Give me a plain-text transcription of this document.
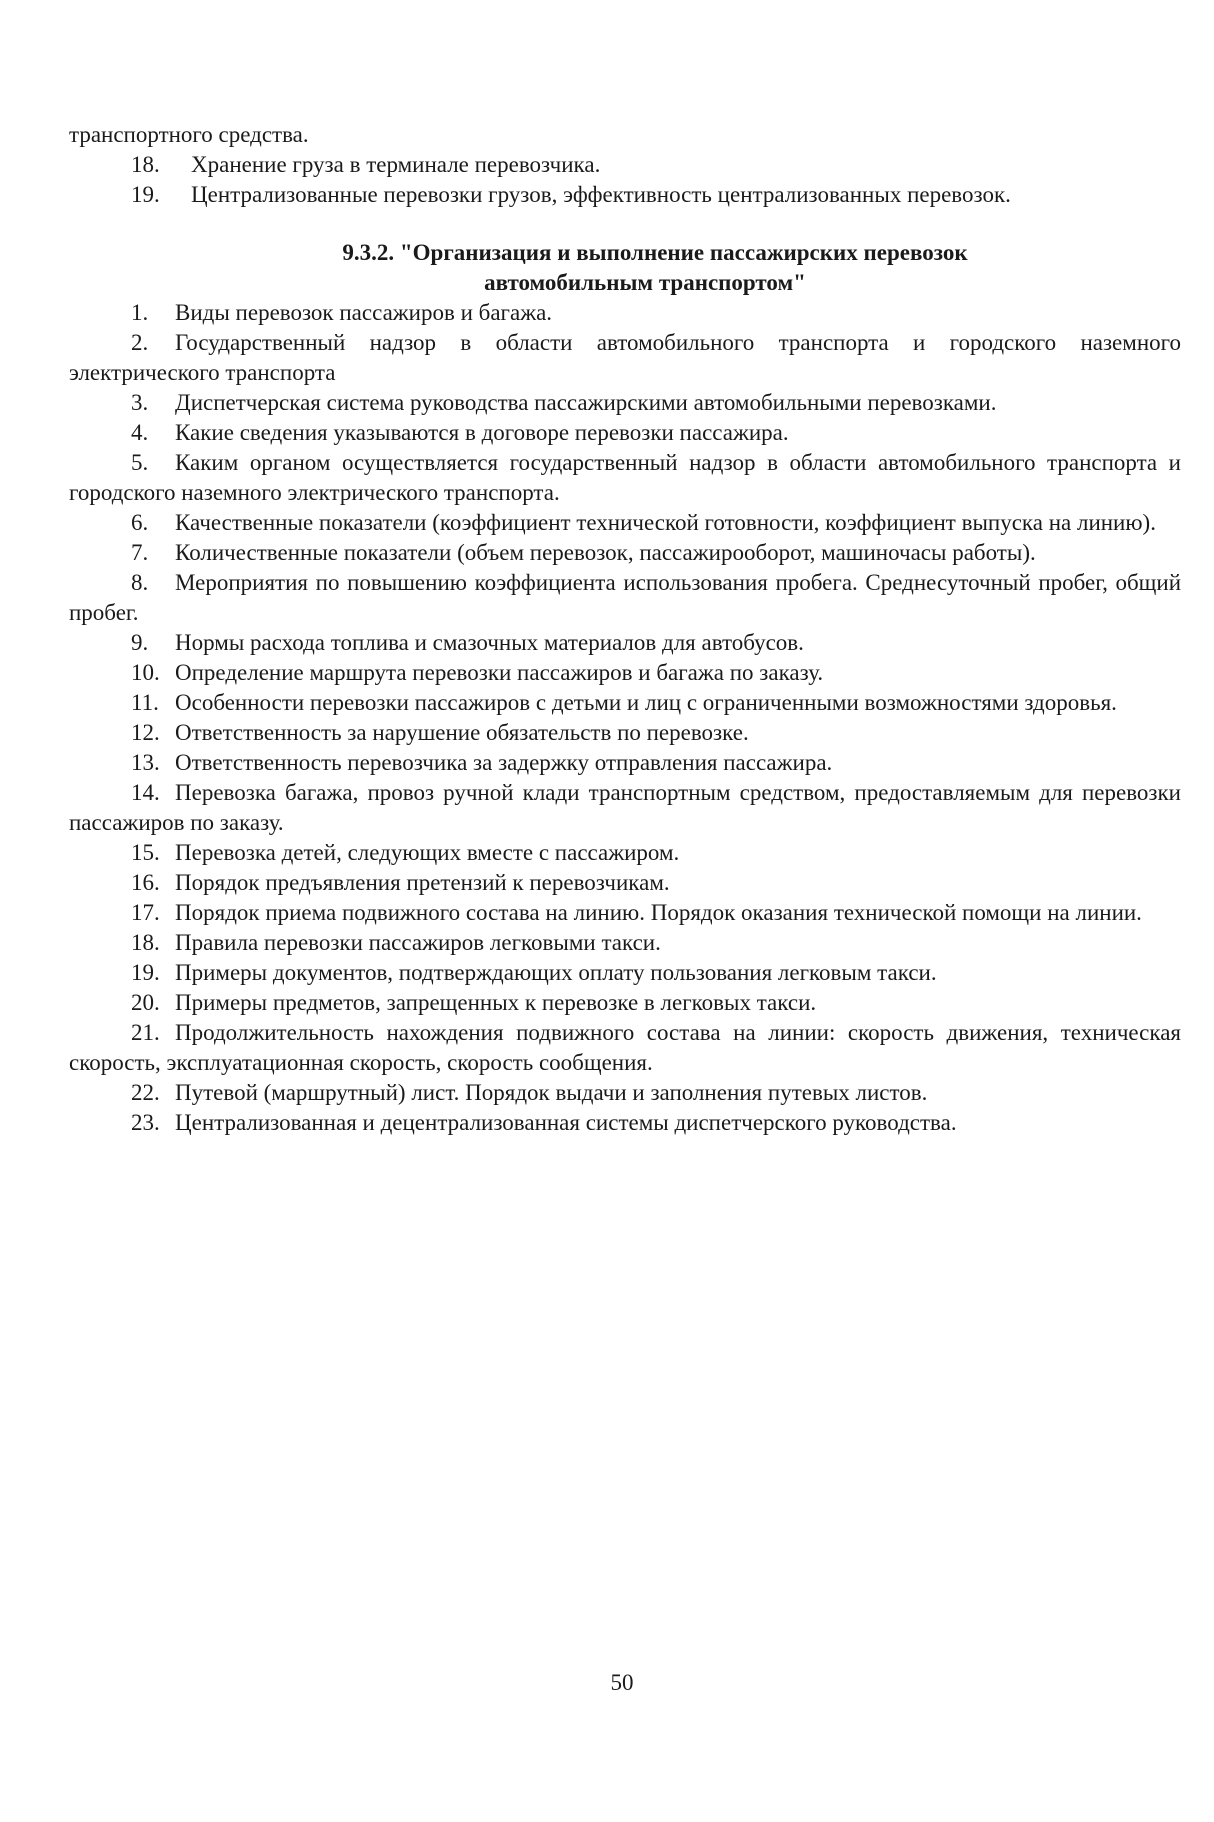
транспортного средства.

18. Хранение груза в терминале перевозчика.

19. Централизованные перевозки грузов, эффективность централизованных перевозок.

9.3.2. "Организация и выполнение пассажирских перевозок
автомобильным транспортом"

1. Виды перевозок пассажиров и багажа.

2. Государственный надзор в области автомобильного транспорта и городского наземного электрического транспорта

3. Диспетчерская система руководства пассажирскими автомобильными перевозками.

4. Какие сведения указываются в договоре перевозки пассажира.

5. Каким органом осуществляется государственный надзор в области автомобильного транспорта и городского наземного электрического транспорта.

6. Качественные показатели (коэффициент технической готовности, коэффициент выпуска на линию).

7. Количественные показатели (объем перевозок, пассажирооборот, машиночасы работы).

8. Мероприятия по повышению коэффициента использования пробега. Среднесуточный пробег, общий пробег.

9. Нормы расхода топлива и смазочных материалов для автобусов.

10. Определение маршрута перевозки пассажиров и багажа по заказу.

11. Особенности перевозки пассажиров с детьми и лиц с ограниченными возможностями здоровья.

12. Ответственность за нарушение обязательств по перевозке.

13. Ответственность перевозчика за задержку отправления пассажира.

14. Перевозка багажа, провоз ручной клади транспортным средством, предоставляемым для перевозки пассажиров по заказу.

15. Перевозка детей, следующих вместе с пассажиром.

16. Порядок предъявления претензий к перевозчикам.

17. Порядок приема подвижного состава на линию. Порядок оказания технической помощи на линии.

18. Правила перевозки пассажиров легковыми такси.

19. Примеры документов, подтверждающих оплату пользования легковым такси.

20. Примеры предметов, запрещенных к перевозке в легковых такси.

21. Продолжительность нахождения подвижного состава на линии: скорость движения, техническая скорость, эксплуатационная скорость, скорость сообщения.

22. Путевой (маршрутный) лист. Порядок выдачи и заполнения путевых листов.

23. Централизованная и децентрализованная системы диспетчерского руководства.

50
